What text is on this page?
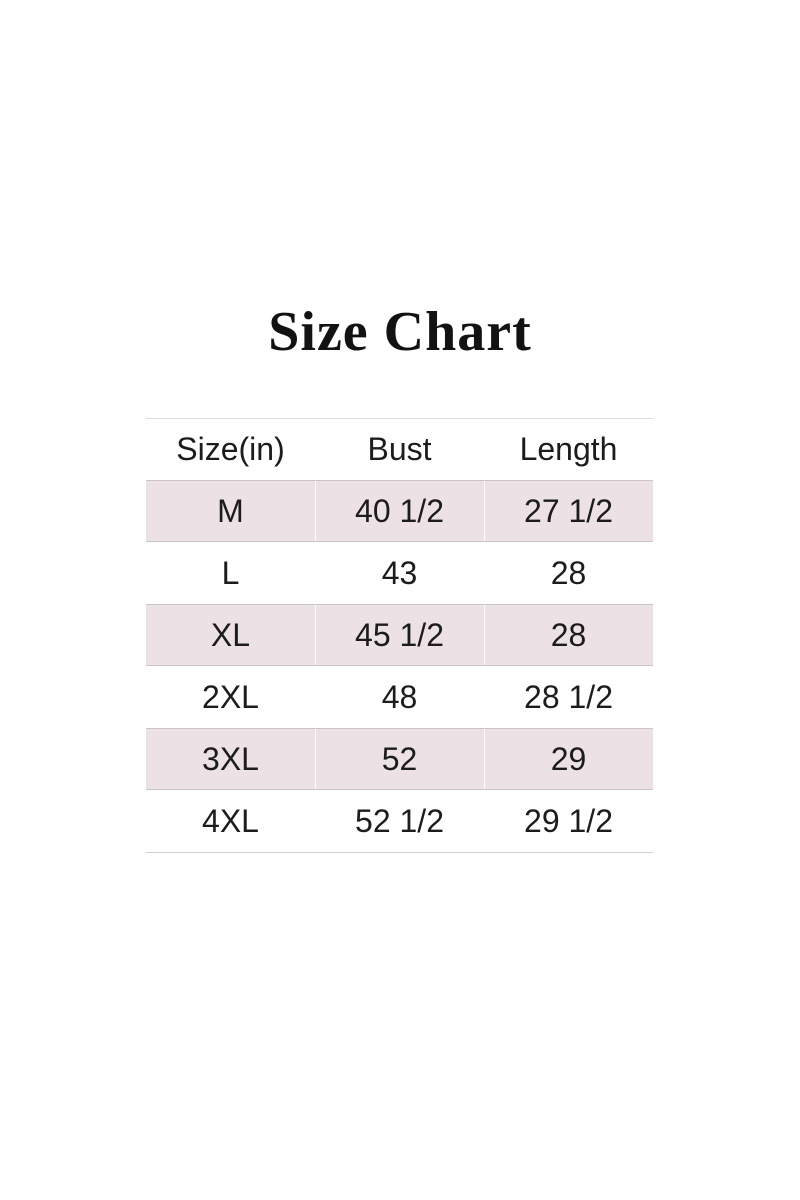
Size Chart
Size(in)	Bust	Length
M	40 1/2	27 1/2
L	43	28
XL	45 1/2	28
2XL	48	28 1/2
3XL	52	29
4XL	52 1/2	29 1/2
